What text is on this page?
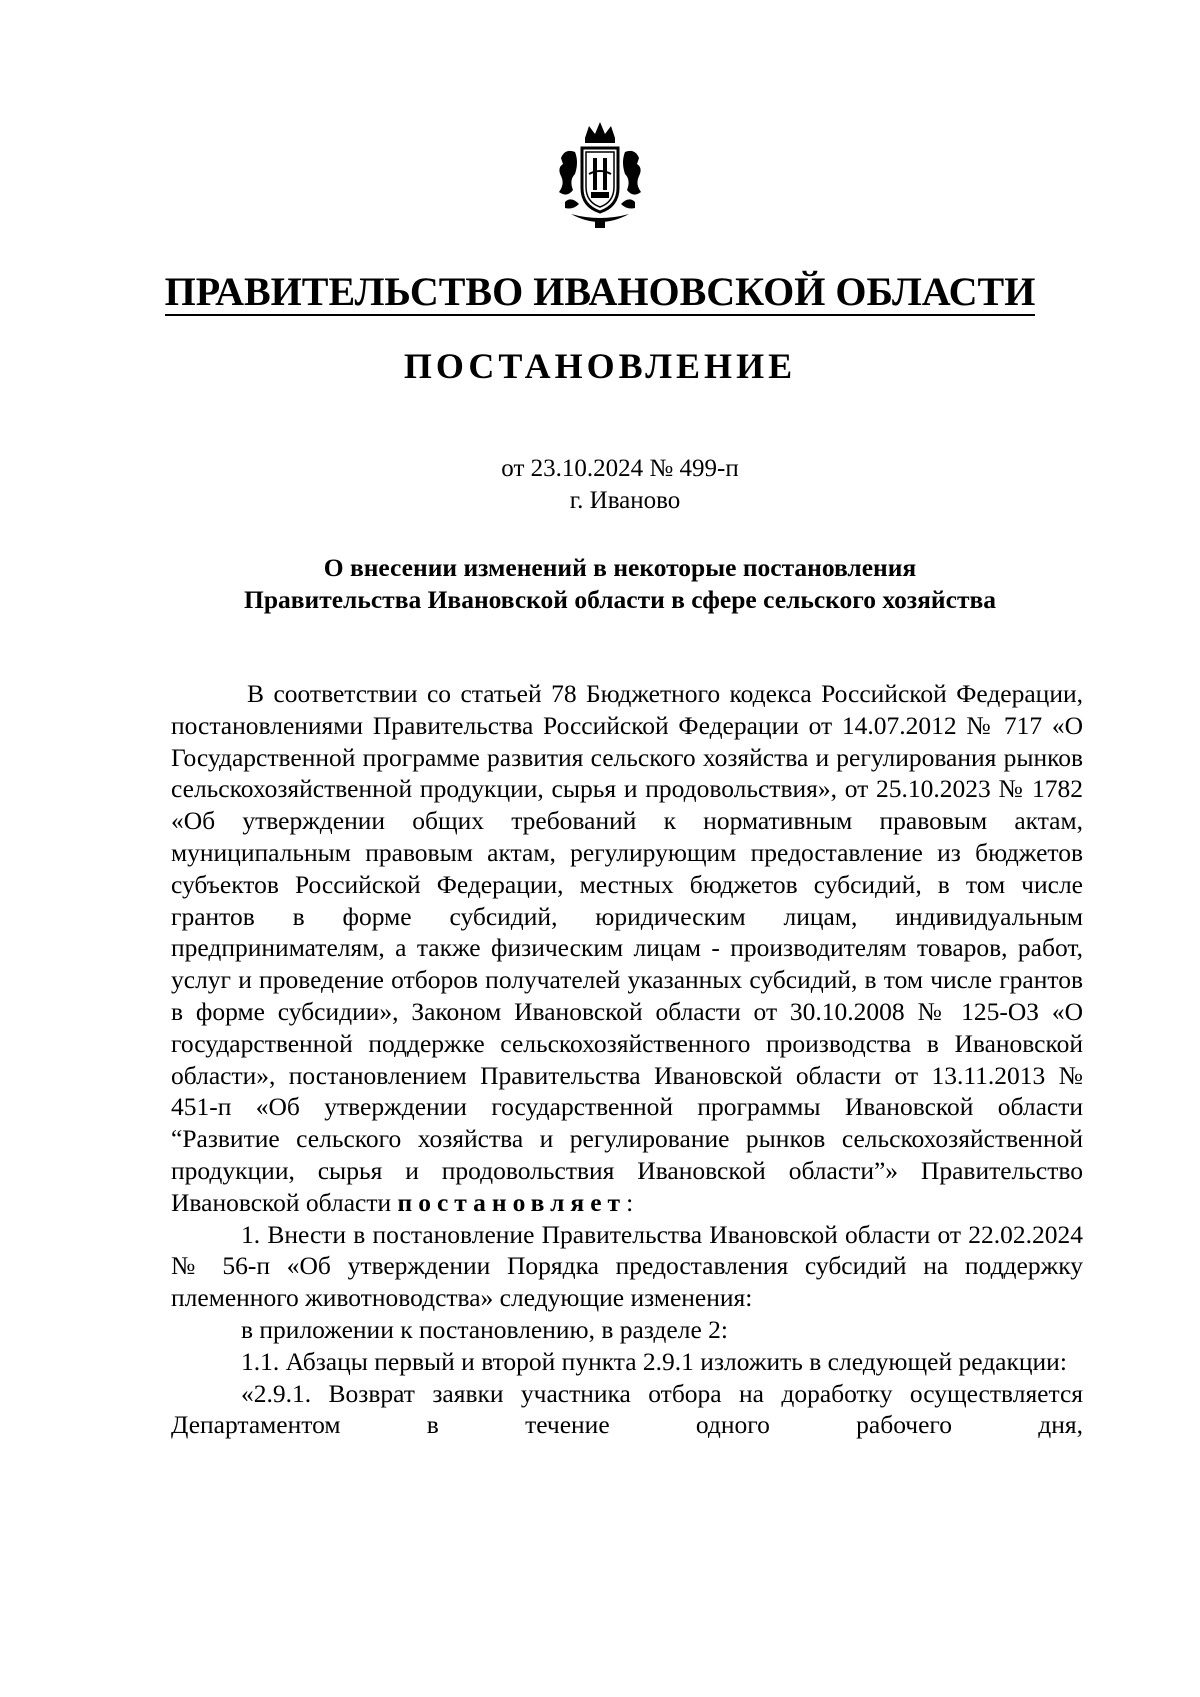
ПРАВИТЕЛЬСТВО ИВАНОВСКОЙ ОБЛАСТИ
ПОСТАНОВЛЕНИЕ
от 23.10.2024 № 499-п
г. Иваново
О внесении изменений в некоторые постановления
Правительства Ивановской области в сфере сельского хозяйства

В соответствии со статьей 78 Бюджетного кодекса Российской Федерации, постановлениями Правительства Российской Федерации от 14.07.2012 № 717 «О Государственной программе развития сельского хозяйства и регулирования рынков сельскохозяйственной продукции, сырья и продовольствия», от 25.10.2023 № 1782 «Об утверждении общих требований к нормативным правовым актам, муниципальным правовым актам, регулирующим предоставление из бюджетов субъектов Российской Федерации, местных бюджетов субсидий, в том числе грантов в форме субсидий, юридическим лицам, индивидуальным предпринимателям, а также физическим лицам - производителям товаров, работ, услуг и проведение отборов получателей указанных субсидий, в том числе грантов в форме субсидии», Законом Ивановской области от 30.10.2008 № 125-ОЗ «О государственной поддержке сельскохозяйственного производства в Ивановской области», постановлением Правительства Ивановской области от 13.11.2013 № 451-п «Об утверждении государственной программы Ивановской области “Развитие сельского хозяйства и регулирование рынков сельскохозяйственной продукции, сырья и продовольствия Ивановской области”» Правительство Ивановской области постановляет:

1. Внести в постановление Правительства Ивановской области от 22.02.2024 № 56-п «Об утверждении Порядка предоставления субсидий на поддержку племенного животноводства» следующие изменения:

в приложении к постановлению, в разделе 2:

1.1. Абзацы первый и второй пункта 2.9.1 изложить в следующей редакции:

«2.9.1. Возврат заявки участника отбора на доработку осуществляется Департаментом в течение одного рабочего дня,
